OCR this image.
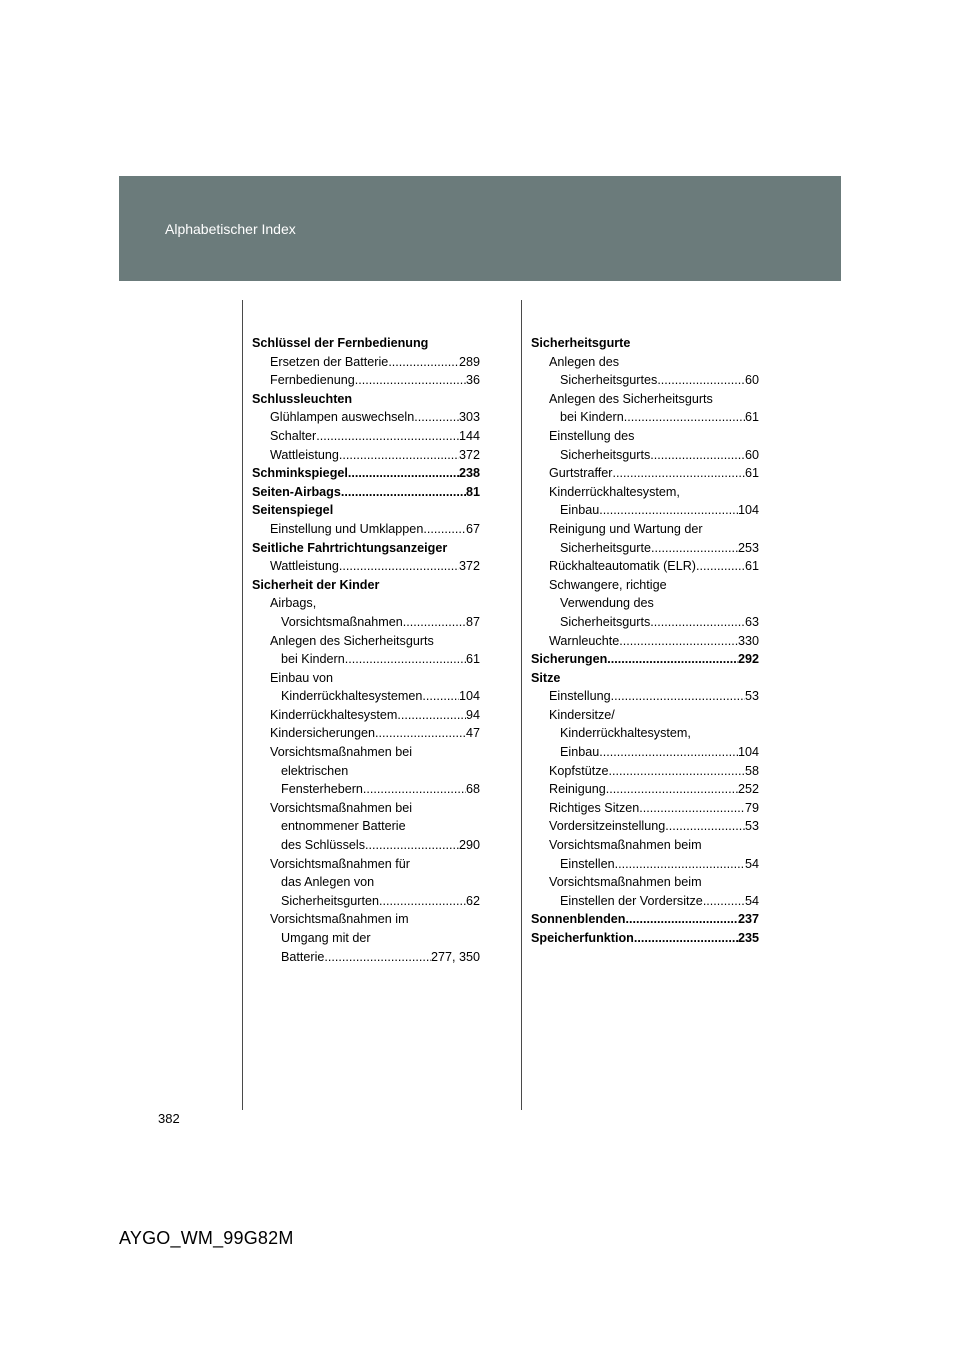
Alphabetischer Index
Schlüssel der Fernbedienung
Ersetzen der Batterie .....	289
Fernbedienung .....	36
Schlussleuchten
Glühlampen auswechseln .....	303
Schalter .....	144
Wattleistung .....	372
Schminkspiegel .....	238
Seiten-Airbags .....	81
Seitenspiegel
Einstellung und Umklappen .....	67
Seitliche Fahrtrichtungsanzeiger
Wattleistung .....	372
Sicherheit der Kinder
Airbags,
Vorsichtsmaßnahmen .....	87
Anlegen des Sicherheitsgurts
bei Kindern .....	61
Einbau von
Kinderrückhaltesystemen .....	104
Kinderrückhaltesystem .....	94
Kindersicherungen .....	47
Vorsichtsmaßnahmen bei
elektrischen
Fensterhebern .....	68
Vorsichtsmaßnahmen bei
entnommener Batterie
des Schlüssels .....	290
Vorsichtsmaßnahmen für
das Anlegen von
Sicherheitsgurten .....	62
Vorsichtsmaßnahmen im
Umgang mit der
Batterie .....	277, 350
Sicherheitsgurte
Anlegen des
Sicherheitsgurtes .....	60
Anlegen des Sicherheitsgurts
bei Kindern .....	61
Einstellung des
Sicherheitsgurts .....	60
Gurtstraffer .....	61
Kinderrückhaltesystem,
Einbau .....	104
Reinigung und Wartung der
Sicherheitsgurte .....	253
Rückhalteautomatik (ELR) .....	61
Schwangere, richtige
Verwendung des
Sicherheitsgurts .....	63
Warnleuchte .....	330
Sicherungen .....	292
Sitze
Einstellung .....	53
Kindersitze/
Kinderrückhaltesystem,
Einbau .....	104
Kopfstütze .....	58
Reinigung .....	252
Richtiges Sitzen .....	79
Vordersitzeinstellung .....	53
Vorsichtsmaßnahmen beim
Einstellen .....	54
Vorsichtsmaßnahmen beim
Einstellen der Vordersitze .....	54
Sonnenblenden .....	237
Speicherfunktion .....	235
382
AYGO_WM_99G82M
